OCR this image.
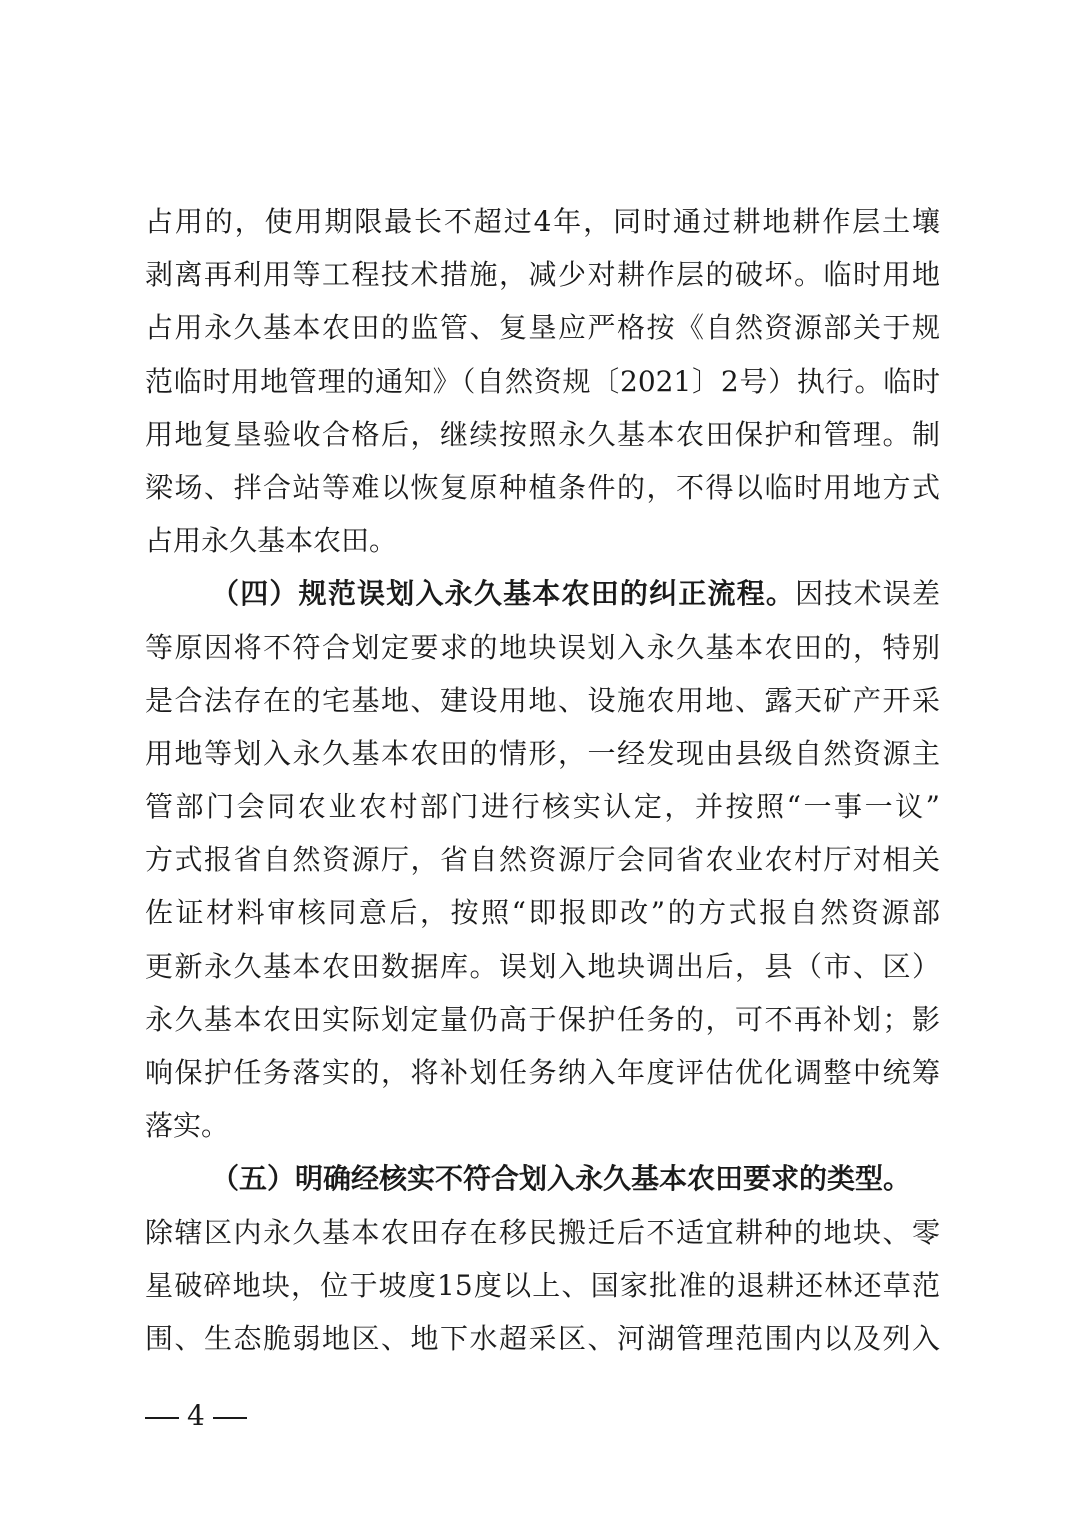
占用的，使用期限最长不超过4年，同时通过耕地耕作层土壤
剥离再利用等工程技术措施，减少对耕作层的破坏。临时用地
占用永久基本农田的监管、复垦应严格按《自然资源部关于规
范临时用地管理的通知》（自然资规〔2021〕2号）执行。临时
用地复垦验收合格后，继续按照永久基本农田保护和管理。制
梁场、拌合站等难以恢复原种植条件的，不得以临时用地方式
占用永久基本农田。
（四）规范误划入永久基本农田的纠正流程。因技术误差
等原因将不符合划定要求的地块误划入永久基本农田的，特别
是合法存在的宅基地、建设用地、设施农用地、露天矿产开采
用地等划入永久基本农田的情形，一经发现由县级自然资源主
管部门会同农业农村部门进行核实认定，并按照“一事一议”
方式报省自然资源厅，省自然资源厅会同省农业农村厅对相关
佐证材料审核同意后，按照“即报即改”的方式报自然资源部
更新永久基本农田数据库。误划入地块调出后，县（市、区）
永久基本农田实际划定量仍高于保护任务的，可不再补划；影
响保护任务落实的，将补划任务纳入年度评估优化调整中统筹
落实。
（五）明确经核实不符合划入永久基本农田要求的类型。
除辖区内永久基本农田存在移民搬迁后不适宜耕种的地块、零
星破碎地块，位于坡度15度以上、国家批准的退耕还林还草范
围、生态脆弱地区、地下水超采区、河湖管理范围内以及列入
4
